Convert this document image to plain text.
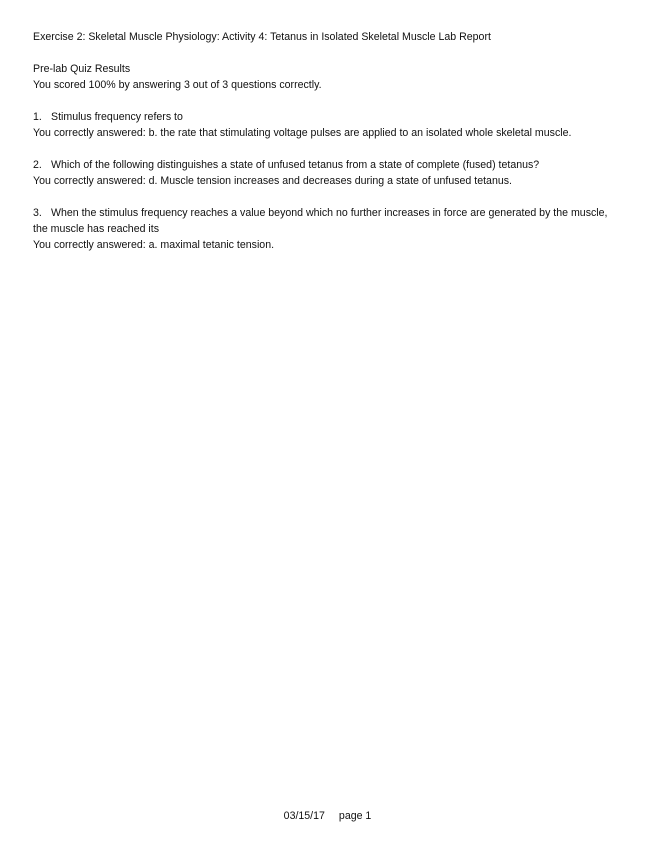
Exercise 2: Skeletal Muscle Physiology: Activity 4: Tetanus in Isolated Skeletal Muscle Lab Report
Pre-lab Quiz Results
You scored 100% by answering 3 out of 3 questions correctly.
1. Stimulus frequency refers to
You correctly answered: b. the rate that stimulating voltage pulses are applied to an isolated whole skeletal muscle.
2. Which of the following distinguishes a state of unfused tetanus from a state of complete (fused) tetanus?
You correctly answered: d. Muscle tension increases and decreases during a state of unfused tetanus.
3. When the stimulus frequency reaches a value beyond which no further increases in force are generated by the muscle, the muscle has reached its
You correctly answered: a. maximal tetanic tension.
03/15/17 page 1
